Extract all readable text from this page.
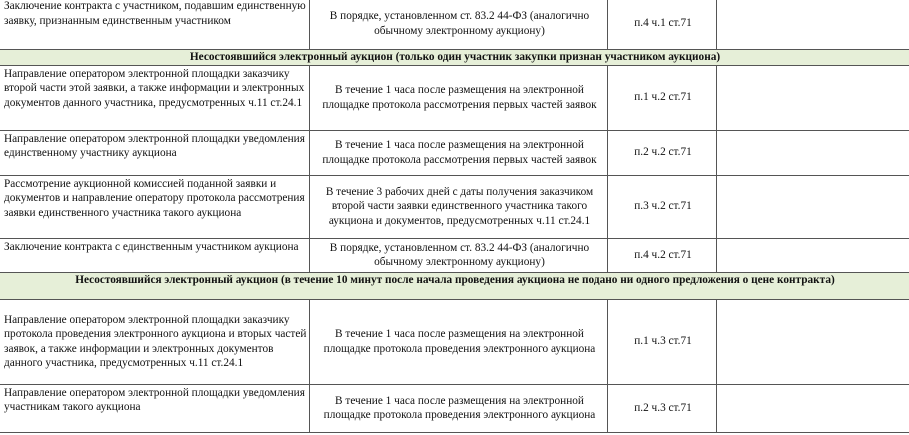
Заключение контракта с участником, подавшим единственную заявку, признанным единственным участником	В порядке, установленном ст. 83.2 44-ФЗ (аналогично обычному электронному аукциону)	п.4 ч.1 ст.71	
Несостоявшийся электронный аукцион (только один участник закупки признан участником аукциона)			
Направление оператором электронной площадки заказчику второй части этой заявки, а также информации и электронных документов данного участника, предусмотренных ч.11 ст.24.1	В течение 1 часа после размещения на электронной площадке протокола рассмотрения первых частей заявок	п.1 ч.2 ст.71	
Направление оператором электронной площадки уведомления единственному участнику аукциона	В течение 1 часа после размещения на электронной площадке протокола рассмотрения первых частей заявок	п.2 ч.2 ст.71	
Рассмотрение аукционной комиссией поданной заявки и документов и направление оператору протокола рассмотрения заявки единственного участника такого аукциона	В течение 3 рабочих дней с даты получения заказчиком второй части заявки единственного участника такого аукциона и документов, предусмотренных ч.11 ст.24.1	п.3 ч.2 ст.71	
Заключение контракта с единственным участником аукциона	В порядке, установленном ст. 83.2 44-ФЗ (аналогично обычному электронному аукциону)	п.4 ч.2 ст.71	
Несостоявшийся электронный аукцион (в течение 10 минут после начала проведения аукциона не подано ни одного предложения о цене контракта)			

Направление оператором электронной площадки заказчику протокола проведения электронного аукциона и вторых частей заявок, а также информации и электронных документов данного участника, предусмотренных ч.11 ст.24.1	В течение 1 часа после размещения на электронной площадке протокола проведения электронного аукциона	п.1 ч.3 ст.71	
Направление оператором электронной площадки уведомления участникам такого аукциона	В течение 1 часа после размещения на электронной площадке протокола проведения электронного аукциона	п.2 ч.3 ст.71	
